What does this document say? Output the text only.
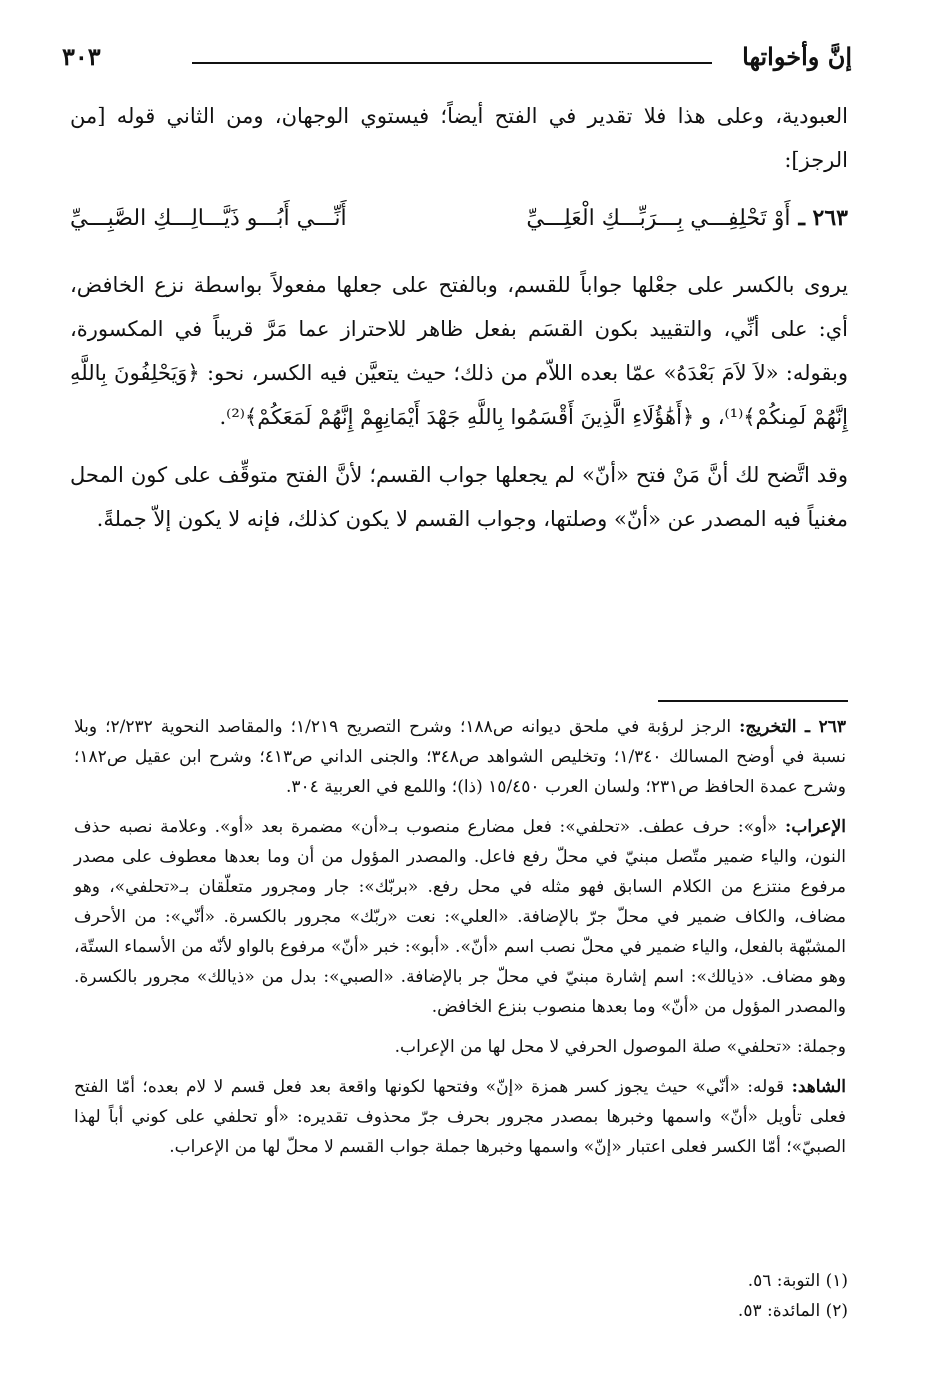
إنَّ وأخواتها
٣٠٣

العبودية، وعلى هذا فلا تقدير في الفتح أيضاً؛ فيستوي الوجهان، ومن الثاني قوله [من الرجز]:

٢٦٣ ـ
أَوْ تَحْلِفِـــي بِـــرَبِّـــكِ الْعَلِـــيِّ
أَنِّـــي أَبُـــو ذَيَّـــالِـــكِ الصَّبِـــيِّ

يروى بالكسر على جعْلها جواباً للقسم، وبالفتح على جعلها مفعولاً بواسطة نزع الخافض، أي: على أنِّي، والتقييد بكون القسَم بفعل ظاهر للاحتراز عما مَرَّ قريباً في المكسورة، وبقوله: «لاَ لاَمَ بَعْدَهُ» عمّا بعده اللاّم من ذلك؛ حيث يتعيَّن فيه الكسر، نحو: ﴿وَيَحْلِفُونَ بِاللَّهِ إِنَّهُمْ لَمِنكُمْ﴾⁽¹⁾، و ﴿أَهَٰؤُلَاءِ الَّذِينَ أَقْسَمُوا بِاللَّهِ جَهْدَ أَيْمَانِهِمْ إِنَّهُمْ لَمَعَكُمْ﴾⁽²⁾.

وقد اتَّضح لك أنَّ مَنْ فتح «أنّ» لم يجعلها جواب القسم؛ لأنَّ الفتح متوقِّف على كون المحل مغنياً فيه المصدر عن «أنّ» وصلتها، وجواب القسم لا يكون كذلك، فإنه لا يكون إلاّ جملةً.

٢٦٣ ـ التخريج: الرجز لرؤبة في ملحق ديوانه ص١٨٨؛ وشرح التصريح ١/٢١٩؛ والمقاصد النحوية ٢/٢٣٢؛ وبلا نسبة في أوضح المسالك ١/٣٤٠؛ وتخليص الشواهد ص٣٤٨؛ والجنى الداني ص٤١٣؛ وشرح ابن عقيل ص١٨٢؛ وشرح عمدة الحافظ ص٢٣١؛ ولسان العرب ١٥/٤٥٠ (ذا)؛ واللمع في العربية ٣٠٤.

الإعراب: «أو»: حرف عطف. «تحلفي»: فعل مضارع منصوب بـ«أن» مضمرة بعد «أو». وعلامة نصبه حذف النون، والياء ضمير متّصل مبنيّ في محلّ رفع فاعل. والمصدر المؤول من أن وما بعدها معطوف على مصدر مرفوع منتزع من الكلام السابق فهو مثله في محل رفع. «بربّك»: جار ومجرور متعلّقان بـ«تحلفي»، وهو مضاف، والكاف ضمير في محلّ جرّ بالإضافة. «العلي»: نعت «ربّك» مجرور بالكسرة. «أنّي»: من الأحرف المشبّهة بالفعل، والياء ضمير في محلّ نصب اسم «أنّ». «أبو»: خبر «أنّ» مرفوع بالواو لأنّه من الأسماء الستّة، وهو مضاف. «ذيالك»: اسم إشارة مبنيّ في محلّ جر بالإضافة. «الصبي»: بدل من «ذيالك» مجرور بالكسرة. والمصدر المؤول من «أنّ» وما بعدها منصوب بنزع الخافض.

وجملة: «تحلفي» صلة الموصول الحرفي لا محل لها من الإعراب.

الشاهد: قوله: «أنّي» حيث يجوز كسر همزة «إنّ» وفتحها لكونها واقعة بعد فعل قسم لا لام بعده؛ أمّا الفتح فعلى تأويل «أنّ» واسمها وخبرها بمصدر مجرور بحرف جرّ محذوف تقديره: «أو تحلفي على كوني أباً لهذا الصبيّ»؛ أمّا الكسر فعلى اعتبار «إنّ» واسمها وخبرها جملة جواب القسم لا محلّ لها من الإعراب.

(١) التوبة: ٥٦.
(٢) المائدة: ٥٣.
